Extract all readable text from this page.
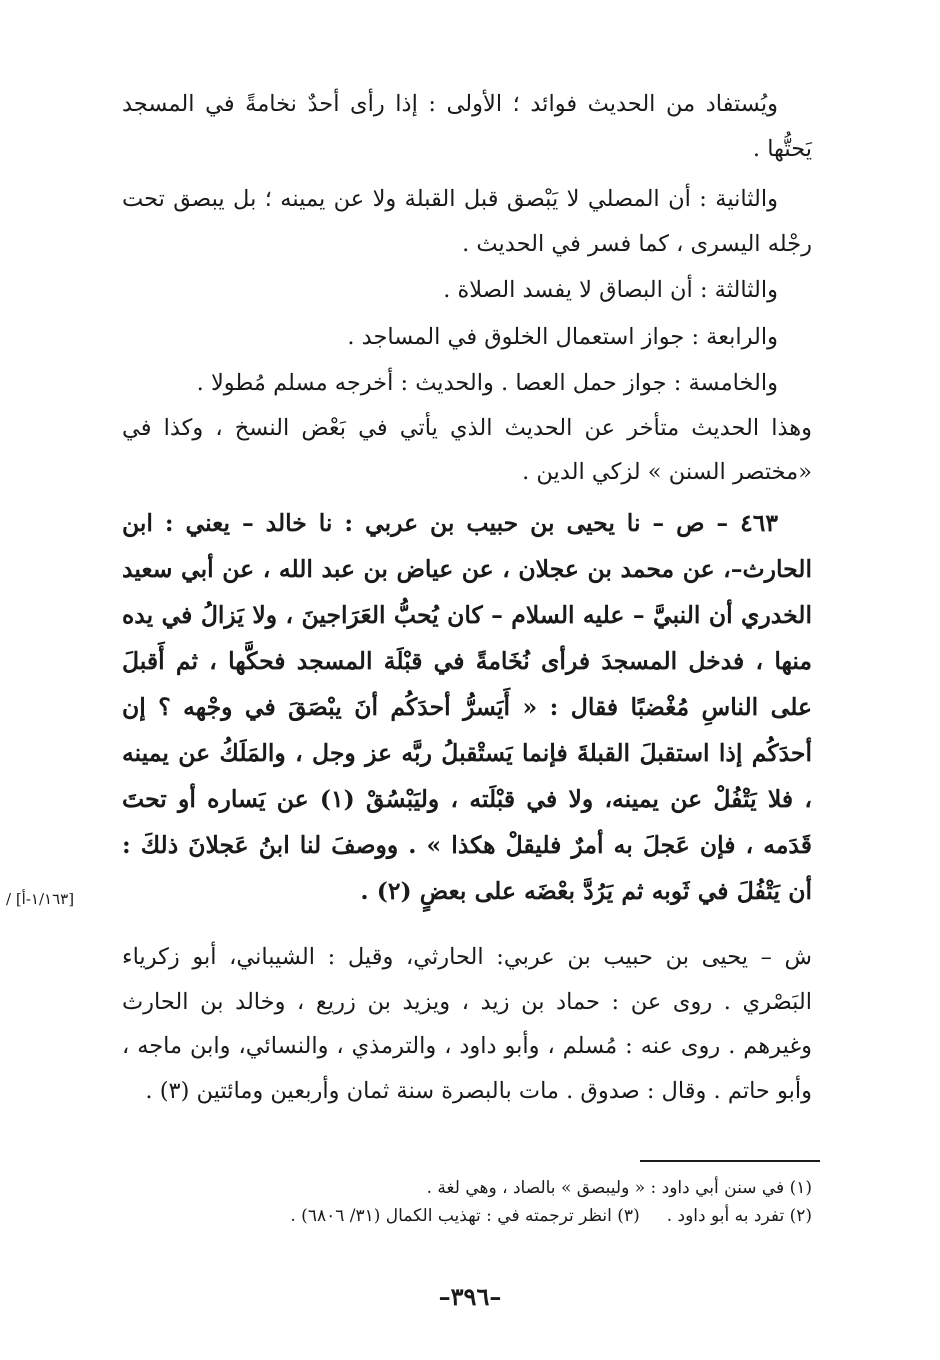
ويُستفاد من الحديث فوائد ؛ الأولى : إذا رأى أحدٌ نخامةً في المسجد يَحتُّها .

والثانية : أن المصلي لا يَبْصق قبل القبلة ولا عن يمينه ؛ بل يبصق تحت رجْله اليسرى ، كما فسر في الحديث .

والثالثة : أن البصاق لا يفسد الصلاة .

والرابعة : جواز استعمال الخلوق في المساجد .

والخامسة : جواز حمل العصا . والحديث : أخرجه مسلم مُطولا .

وهذا الحديث متأخر عن الحديث الذي يأتي في بَعْض النسخ ، وكذا في «مختصر السنن » لزكي الدين .

٤٦٣ – ص – نا يحيى بن حبيب بن عربي : نا خالد – يعني : ابن الحارث–، عن محمد بن عجلان ، عن عياض بن عبد الله ، عن أبي سعيد الخدري أن النبيَّ – عليه السلام – كان يُحبُّ العَرَاجينَ ، ولا يَزالُ في يده منها ، فدخل المسجدَ فرأى نُخَامةً في قبْلَة المسجد فحكَّها ، ثم أَقبلَ على الناسِ مُغْضبًا فقال : « أَيَسرُّ أحدَكُم أنَ يبْصَقَ في وجْهه ؟ إن أحدَكُم إذا استقبلَ القبلةَ فإنما يَستْقبلُ ربَّه عز وجل ، والمَلَكُ عن يمينه ، فلا يَتْفُلْ عن يمينه، ولا في قبْلَته ، وليَبْسُقْ (١) عن يَساره أو تحتَ قَدَمه ، فإن عَجلَ به أمرٌ فليقلْ هكذا » . ووصفَ لنا ابنُ عَجلانَ ذلكَ : أن يَتْفُلَ في ثَوبه ثم يَرُدَّ بعْضَه على بعضٍ (٢) .

[١/١٦٣-أ] /

ش – يحيى بن حبيب بن عربي: الحارثي، وقيل : الشيباني، أبو زكرياء البَصْري . روى عن : حماد بن زيد ، ويزيد بن زريع ، وخالد بن الحارث وغيرهم . روى عنه : مُسلم ، وأبو داود ، والترمذي ، والنسائي، وابن ماجه ، وأبو حاتم . وقال : صدوق . مات بالبصرة سنة ثمان وأربعين ومائتين (٣) .

(١) في سنن أبي داود : « وليبصق » بالصاد ، وهي لغة .

(٢) تفرد به أبو داود .     (٣) انظر ترجمته في : تهذيب الكمال (٣١/ ٦٨٠٦) .

–٣٩٦–
